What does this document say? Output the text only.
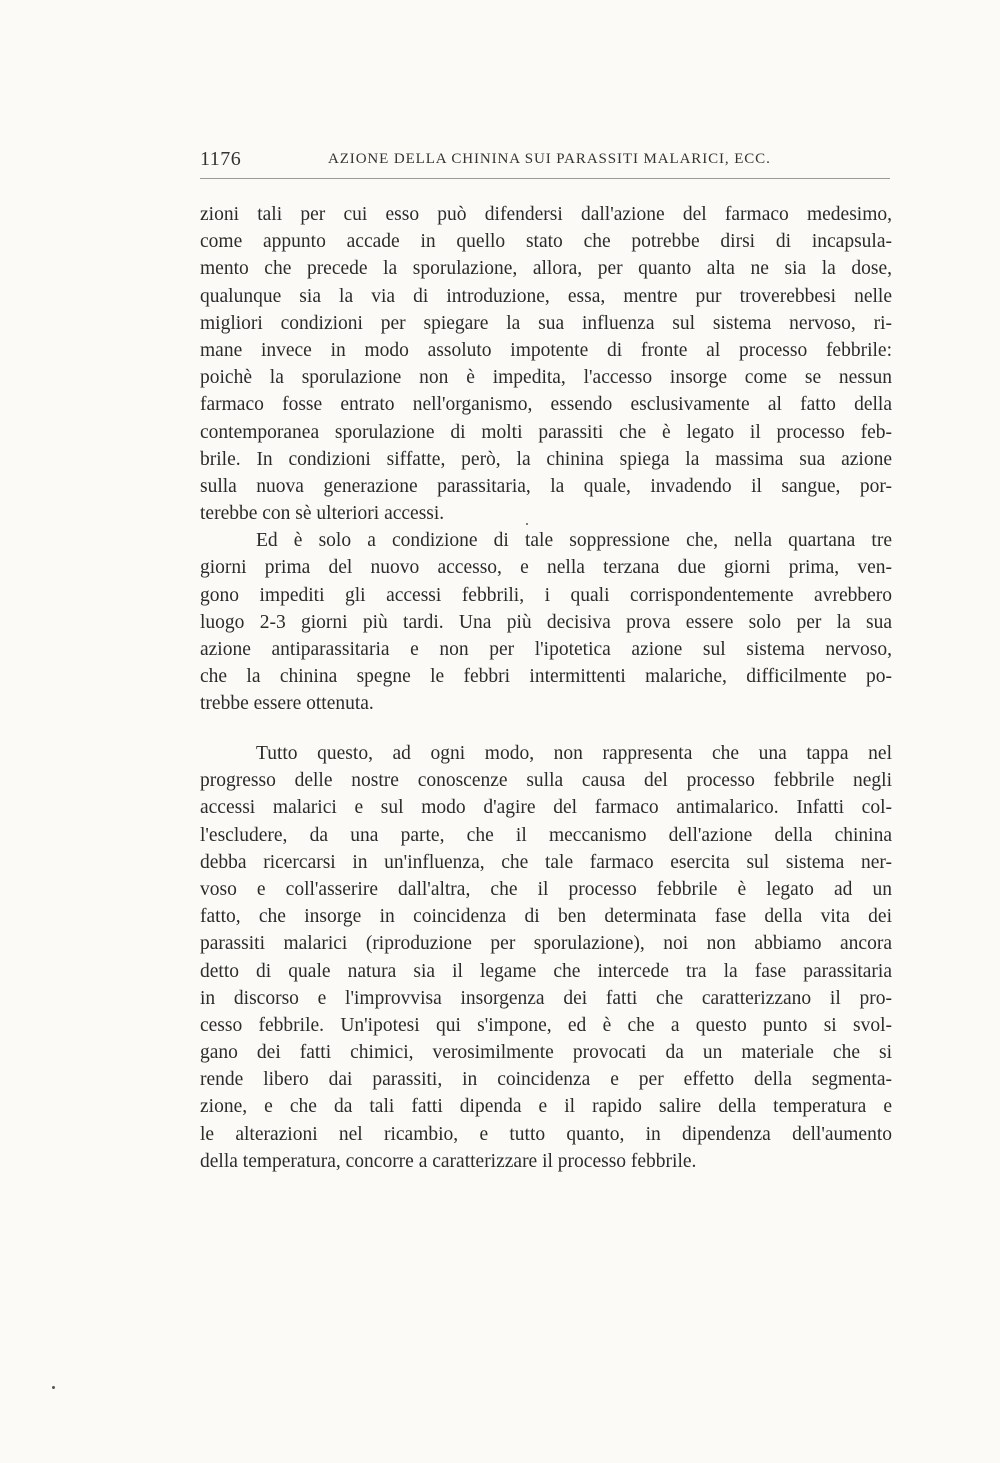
1176	AZIONE DELLA CHININA SUI PARASSITI MALARICI, ECC.
zioni tali per cui esso può difendersi dall'azione del farmaco medesimo,
come appunto accade in quello stato che potrebbe dirsi di incapsula-
mento che precede la sporulazione, allora, per quanto alta ne sia la dose,
qualunque sia la via di introduzione, essa, mentre pur troverebbesi nelle
migliori condizioni per spiegare la sua influenza sul sistema nervoso, ri-
mane invece in modo assoluto impotente di fronte al processo febbrile:
poichè la sporulazione non è impedita, l'accesso insorge come se nessun
farmaco fosse entrato nell'organismo, essendo esclusivamente al fatto della
contemporanea sporulazione di molti parassiti che è legato il processo feb-
brile. In condizioni siffatte, però, la chinina spiega la massima sua azione
sulla nuova generazione parassitaria, la quale, invadendo il sangue, por-
terebbe con sè ulteriori accessi.
Ed è solo a condizione di tale soppressione che, nella quartana tre
giorni prima del nuovo accesso, e nella terzana due giorni prima, ven-
gono impediti gli accessi febbrili, i quali corrispondentemente avrebbero
luogo 2-3 giorni più tardi. Una più decisiva prova essere solo per la sua
azione antiparassitaria e non per l'ipotetica azione sul sistema nervoso,
che la chinina spegne le febbri intermittenti malariche, difficilmente po-
trebbe essere ottenuta.
Tutto questo, ad ogni modo, non rappresenta che una tappa nel
progresso delle nostre conoscenze sulla causa del processo febbrile negli
accessi malarici e sul modo d'agire del farmaco antimalarico. Infatti col-
l'escludere, da una parte, che il meccanismo dell'azione della chinina
debba ricercarsi in un'influenza, che tale farmaco esercita sul sistema ner-
voso e coll'asserire dall'altra, che il processo febbrile è legato ad un
fatto, che insorge in coincidenza di ben determinata fase della vita dei
parassiti malarici (riproduzione per sporulazione), noi non abbiamo ancora
detto di quale natura sia il legame che intercede tra la fase parassitaria
in discorso e l'improvvisa insorgenza dei fatti che caratterizzano il pro-
cesso febbrile. Un'ipotesi qui s'impone, ed è che a questo punto si svol-
gano dei fatti chimici, verosimilmente provocati da un materiale che si
rende libero dai parassiti, in coincidenza e per effetto della segmenta-
zione, e che da tali fatti dipenda e il rapido salire della temperatura e
le alterazioni nel ricambio, e tutto quanto, in dipendenza dell'aumento
della temperatura, concorre a caratterizzare il processo febbrile.
